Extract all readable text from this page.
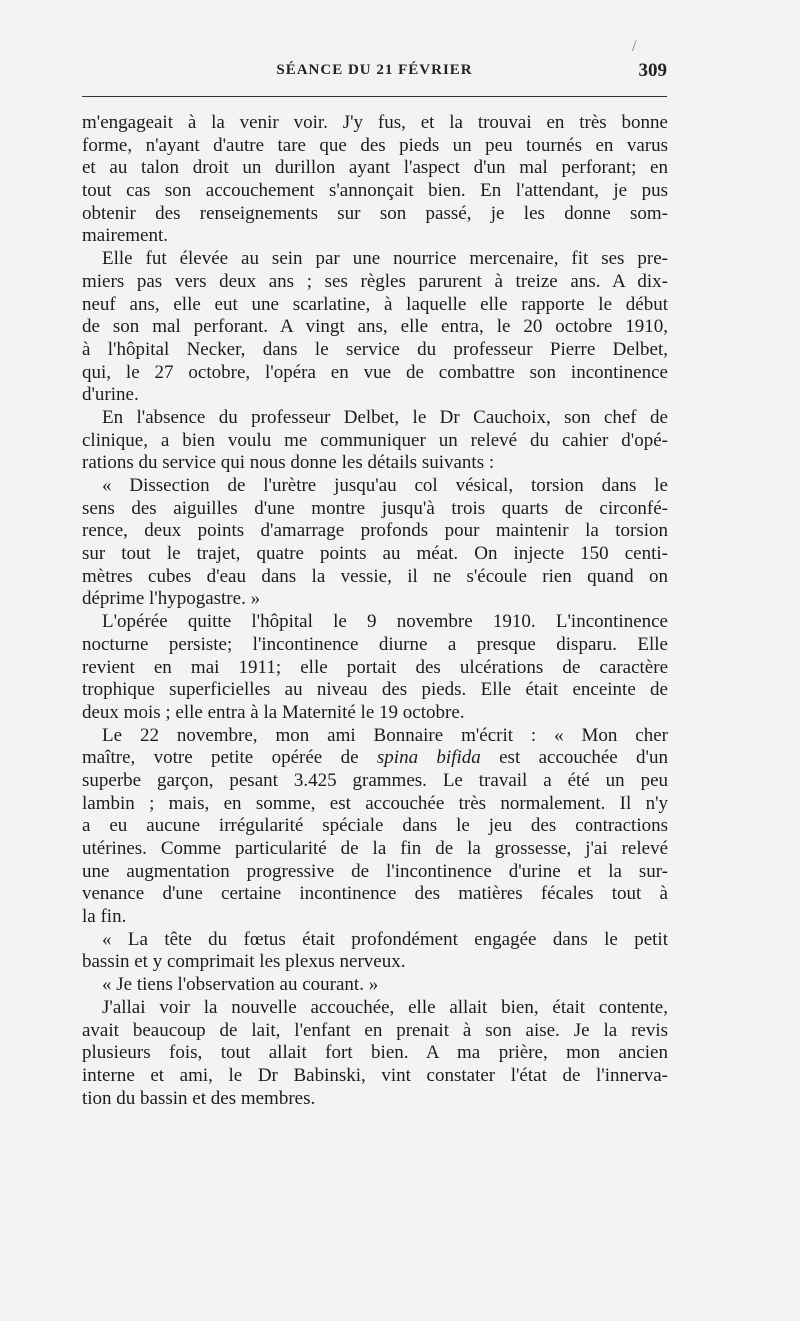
/
SÉANCE DU 21 FÉVRIER	309
m'engageait à la venir voir. J'y fus, et la trouvai en très bonne
forme, n'ayant d'autre tare que des pieds un peu tournés en varus
et au talon droit un durillon ayant l'aspect d'un mal perforant; en
tout cas son accouchement s'annonçait bien. En l'attendant, je pus
obtenir des renseignements sur son passé, je les donne som-
mairement.
Elle fut élevée au sein par une nourrice mercenaire, fit ses pre-
miers pas vers deux ans ; ses règles parurent à treize ans. A dix-
neuf ans, elle eut une scarlatine, à laquelle elle rapporte le début
de son mal perforant. A vingt ans, elle entra, le 20 octobre 1910,
à l'hôpital Necker, dans le service du professeur Pierre Delbet,
qui, le 27 octobre, l'opéra en vue de combattre son incontinence
d'urine.
En l'absence du professeur Delbet, le Dr Cauchoix, son chef de
clinique, a bien voulu me communiquer un relevé du cahier d'opé-
rations du service qui nous donne les détails suivants :
« Dissection de l'urètre jusqu'au col vésical, torsion dans le
sens des aiguilles d'une montre jusqu'à trois quarts de circonfé-
rence, deux points d'amarrage profonds pour maintenir la torsion
sur tout le trajet, quatre points au méat. On injecte 150 centi-
mètres cubes d'eau dans la vessie, il ne s'écoule rien quand on
déprime l'hypogastre. »
L'opérée quitte l'hôpital le 9 novembre 1910. L'incontinence
nocturne persiste; l'incontinence diurne a presque disparu. Elle
revient en mai 1911; elle portait des ulcérations de caractère
trophique superficielles au niveau des pieds. Elle était enceinte de
deux mois ; elle entra à la Maternité le 19 octobre.
Le 22 novembre, mon ami Bonnaire m'écrit : « Mon cher
maître, votre petite opérée de spina bifida est accouchée d'un
superbe garçon, pesant 3.425 grammes. Le travail a été un peu
lambin ; mais, en somme, est accouchée très normalement. Il n'y
a eu aucune irrégularité spéciale dans le jeu des contractions
utérines. Comme particularité de la fin de la grossesse, j'ai relevé
une augmentation progressive de l'incontinence d'urine et la sur-
venance d'une certaine incontinence des matières fécales tout à
la fin.
« La tête du fœtus était profondément engagée dans le petit
bassin et y comprimait les plexus nerveux.
« Je tiens l'observation au courant. »
J'allai voir la nouvelle accouchée, elle allait bien, était contente,
avait beaucoup de lait, l'enfant en prenait à son aise. Je la revis
plusieurs fois, tout allait fort bien. A ma prière, mon ancien
interne et ami, le Dr Babinski, vint constater l'état de l'innerva-
tion du bassin et des membres.
